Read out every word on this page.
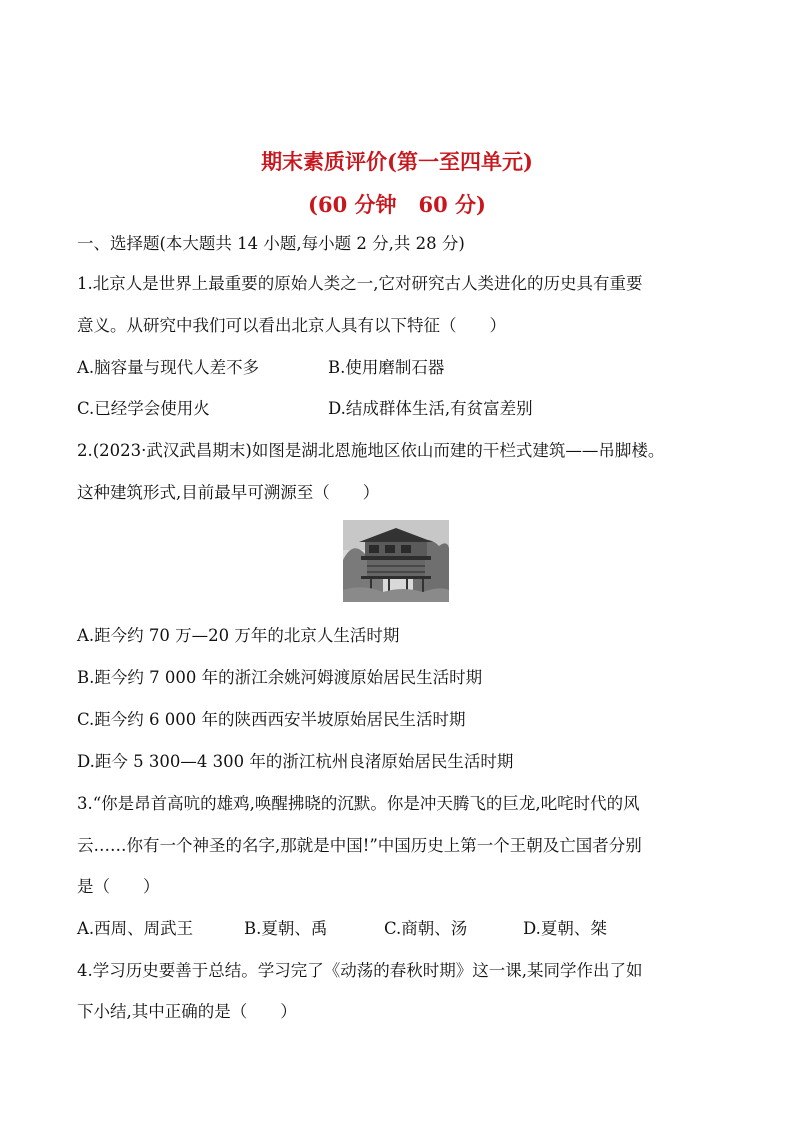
期末素质评价(第一至四单元)
(60 分钟 60 分)
一、选择题(本大题共 14 小题,每小题 2 分,共 28 分)
1.北京人是世界上最重要的原始人类之一,它对研究古人类进化的历史具有重要
意义。从研究中我们可以看出北京人具有以下特征（　　）
A.脑容量与现代人差不多	B.使用磨制石器
C.已经学会使用火	D.结成群体生活,有贫富差别
2.(2023·武汉武昌期末)如图是湖北恩施地区依山而建的干栏式建筑——吊脚楼。
这种建筑形式,目前最早可溯源至（　　）
A.距今约 70 万—20 万年的北京人生活时期
B.距今约 7 000 年的浙江余姚河姆渡原始居民生活时期
C.距今约 6 000 年的陕西西安半坡原始居民生活时期
D.距今 5 300—4 300 年的浙江杭州良渚原始居民生活时期
3.“你是昂首高吭的雄鸡,唤醒拂晓的沉默。你是冲天腾飞的巨龙,叱咤时代的风
云……你有一个神圣的名字,那就是中国!”中国历史上第一个王朝及亡国者分别
是（　　）
A.西周、周武王	B.夏朝、禹	C.商朝、汤	D.夏朝、桀
4.学习历史要善于总结。学习完了《动荡的春秋时期》这一课,某同学作出了如
下小结,其中正确的是（　　）
